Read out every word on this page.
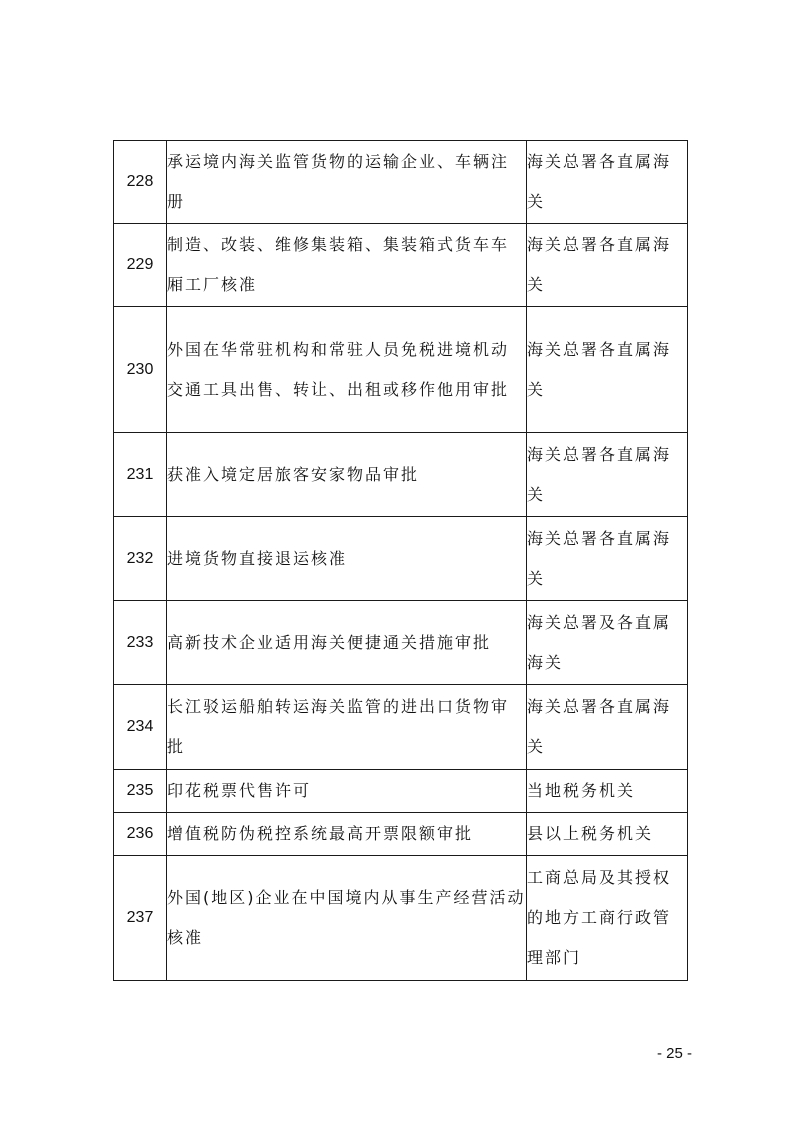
228	承运境内海关监管货物的运输企业、车辆注册	海关总署各直属海关
229	制造、改装、维修集装箱、集装箱式货车车厢工厂核准	海关总署各直属海关
230	外国在华常驻机构和常驻人员免税进境机动交通工具出售、转让、出租或移作他用审批	海关总署各直属海关
231	获准入境定居旅客安家物品审批	海关总署各直属海关
232	进境货物直接退运核准	海关总署各直属海关
233	高新技术企业适用海关便捷通关措施审批	海关总署及各直属海关
234	长江驳运船舶转运海关监管的进出口货物审批	海关总署各直属海关
235	印花税票代售许可	当地税务机关
236	增值税防伪税控系统最高开票限额审批	县以上税务机关
237	外国(地区)企业在中国境内从事生产经营活动核准	工商总局及其授权的地方工商行政管理部门
- 25 -
